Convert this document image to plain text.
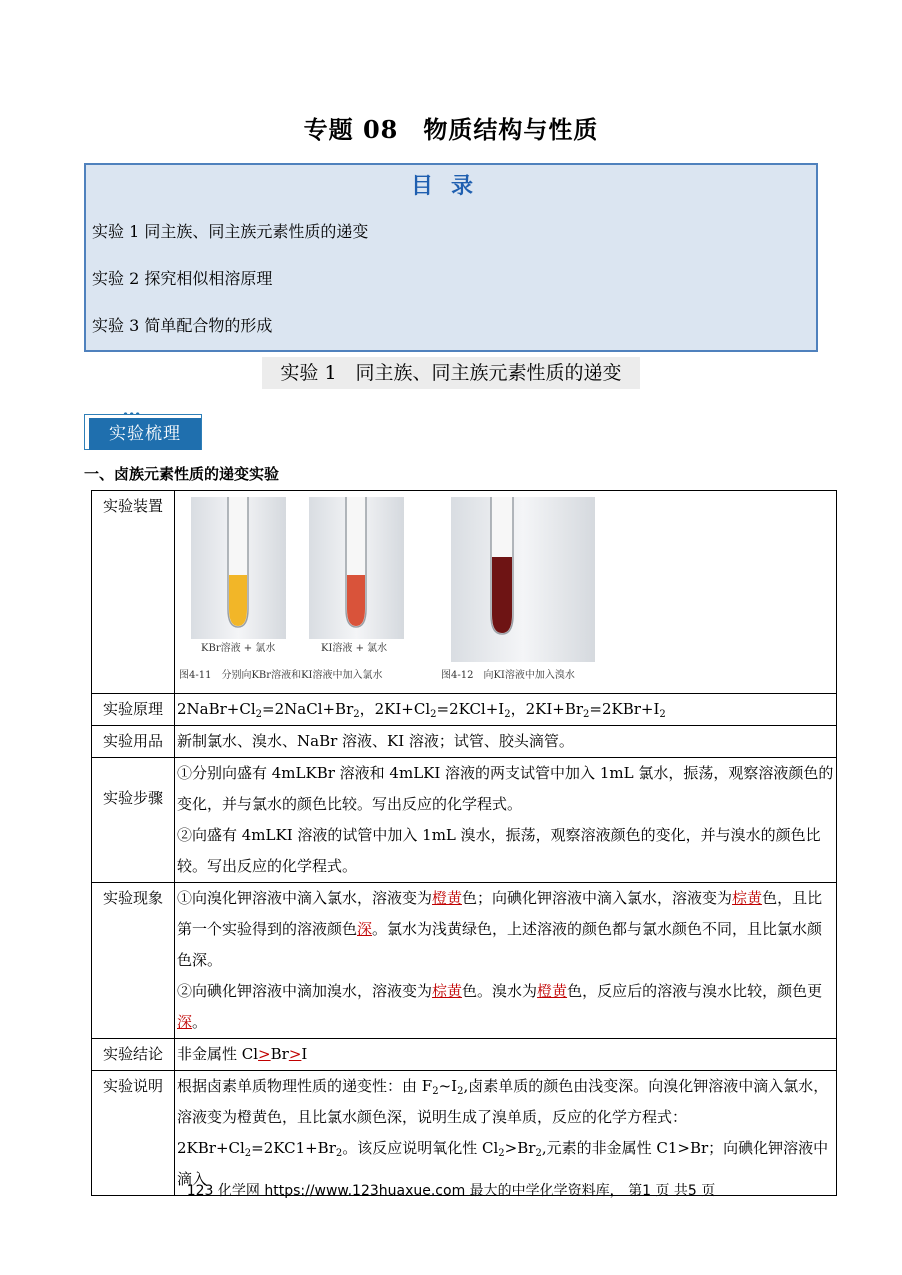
专题 08　物质结构与性质
目录
实验 1 同主族、同主族元素性质的递变
实验 2 探究相似相溶原理
实验 3 简单配合物的形成
实验 1　同主族、同主族元素性质的递变
实验梳理
一、卤族元素性质的递变实验
实验装置	KBr溶液 + 氯水 KI溶液 + 氯水
图4-11　分别向KBr溶液和KI溶液中加入氯水 图4-12　向KI溶液中加入溴水

实验原理	$2NaBr+Cl_2=2NaCl+Br_2$，$2KI+Cl_2=2KCl+I_2$，$2KI+Br_2=2KBr+I_2$
实验用品	新制氯水、溴水、NaBr 溶液、KI 溶液；试管、胶头滴管。
实验步骤	①分别向盛有 4mLKBr 溶液和 4mLKI 溶液的两支试管中加入 1mL 氯水，振荡，观察溶液颜色的变化，并与氯水的颜色比较。写出反应的化学程式。
②向盛有 4mLKI 溶液的试管中加入 1mL 溴水，振荡，观察溶液颜色的变化，并与溴水的颜色比较。写出反应的化学程式。

实验现象	①向溴化钾溶液中滴入氯水，溶液变为橙黄色；向碘化钾溶液中滴入氯水，溶液变为棕黄色，且比第一个实验得到的溶液颜色深。氯水为浅黄绿色，上述溶液的颜色都与氯水颜色不同，且比氯水颜色深。
②向碘化钾溶液中滴加溴水，溶液变为棕黄色。溴水为橙黄色，反应后的溶液与溴水比较，颜色更深。

实验结论	非金属性 Cl>Br>I
实验说明	根据卤素单质物理性质的递变性：由 $F_2\sim I_2$,卤素单质的颜色由浅变深。向溴化钾溶液中滴入氯水，溶液变为橙黄色，且比氯水颜色深，说明生成了溴单质，反应的化学方程式：$2KBr+Cl_2=2KC1+Br_2$。该反应说明氧化性 $Cl_2>Br_2$,元素的非金属性 C1>Br；向碘化钾溶液中滴入
123 化学网 https://www.123huaxue.com 最大的中学化学资料库， 第1 页 共5 页
